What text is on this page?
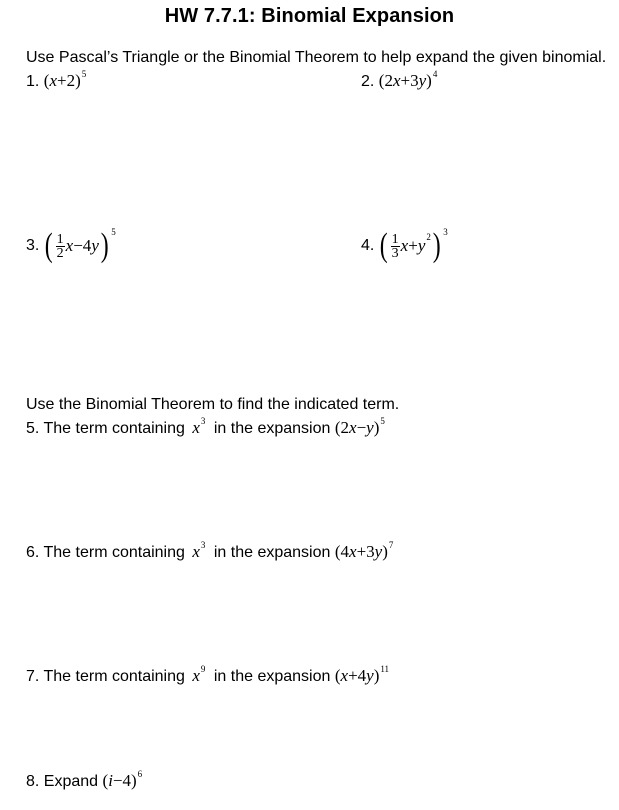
HW 7.7.1: Binomial Expansion
Use Pascal’s Triangle or the Binomial Theorem to help expand the given binomial.
1. $(x+2)^5$	2. $(2x+3y)^4$
3. ( $\frac{1}{2} x-4y$ ) 5
4. ( $\frac{1}{3} x+y$ 2 ) 3
Use the Binomial Theorem to find the indicated term.
5. The term containing $x^3$ in the expansion $(2x-y)^5$
6. The term containing $x^3$ in the expansion $(4x+3y)^7$
7. The term containing $x^9$ in the expansion $(x+4y)^{11}$
8. Expand $(i-4)^6$
